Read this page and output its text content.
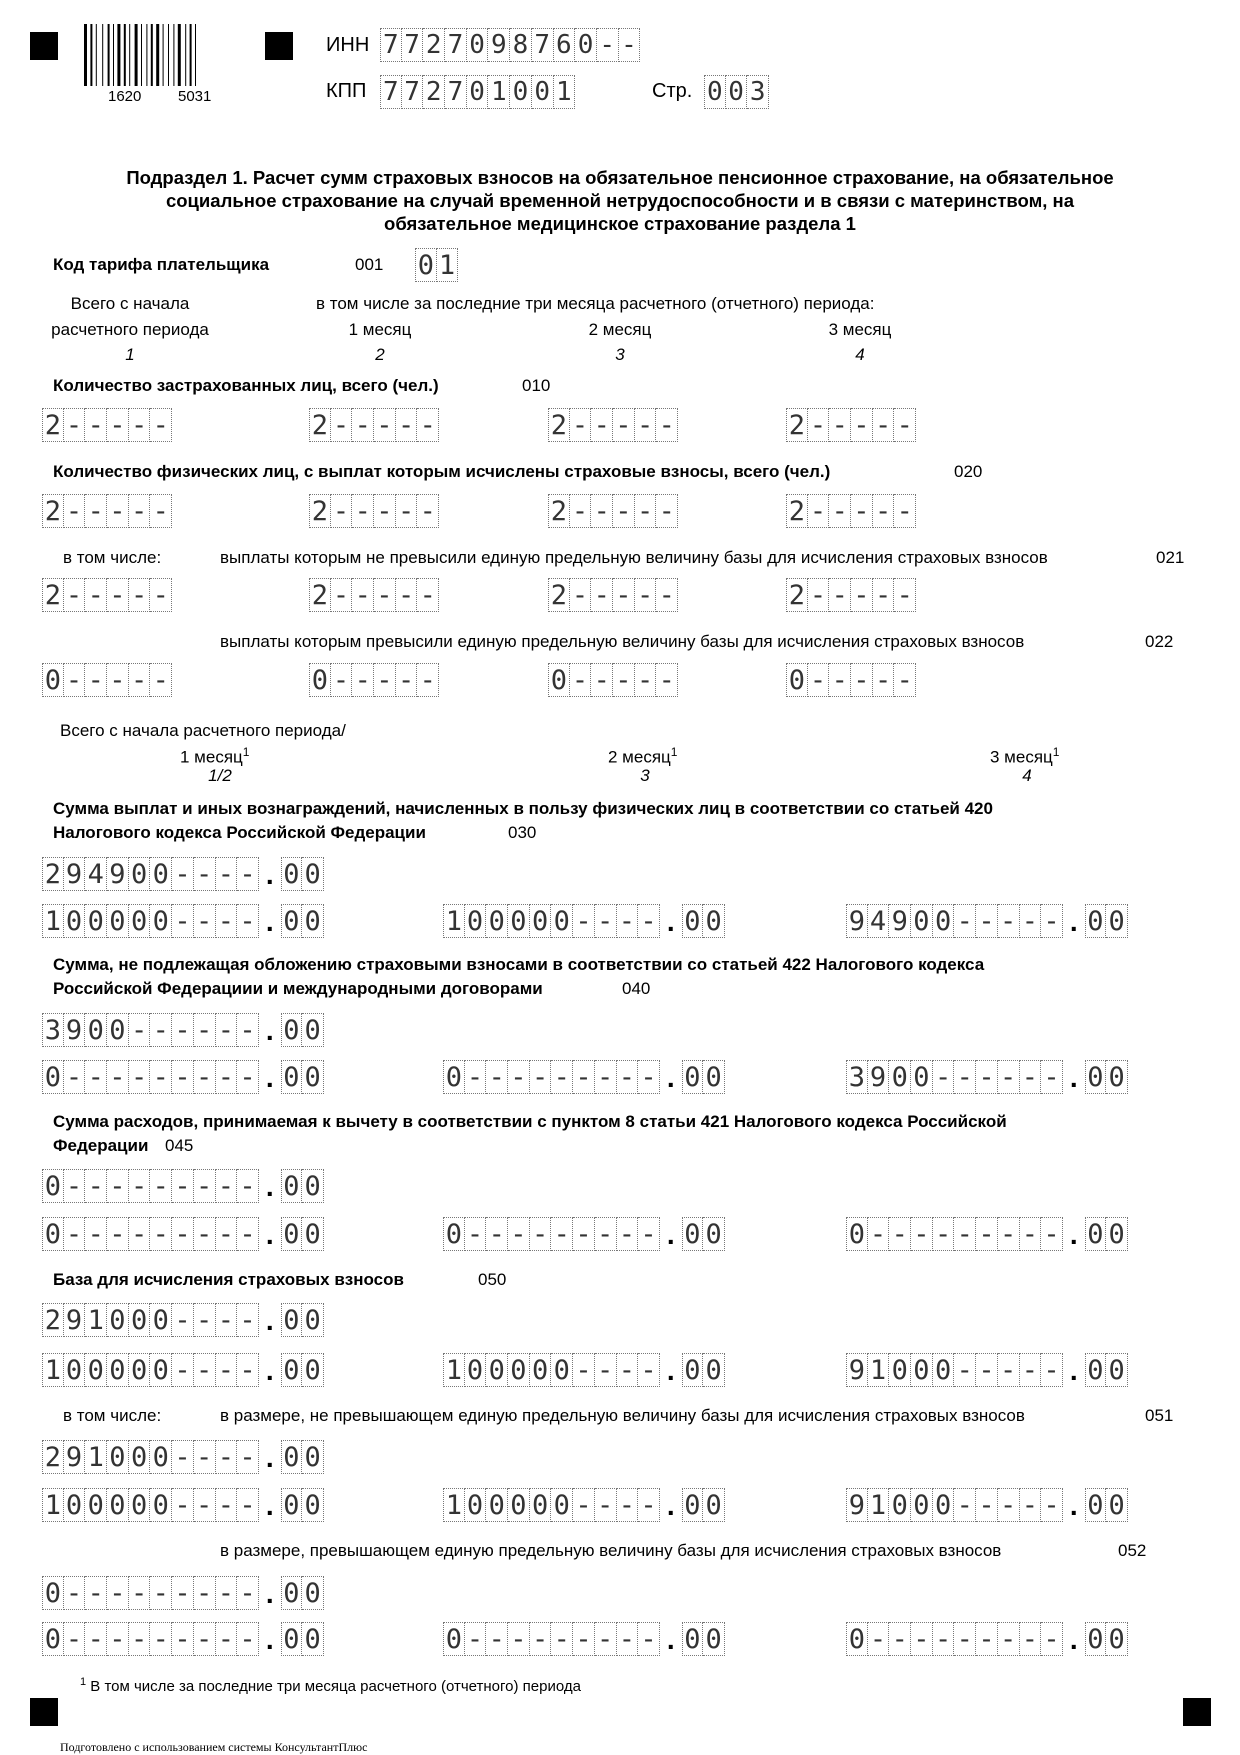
1620 5031
ИНН 7 7 2 7 0 9 8 7 6 0 - -
КПП 7 7 2 7 0 1 0 0 1	Стр. 0 0 3
Подраздел 1. Расчет сумм страховых взносов на обязательное пенсионное страхование, на обязательное социальное страхование на случай временной нетрудоспособности и в связи с материнством, на обязательное медицинское страхование раздела 1
Код тарифа плательщика	001 0 1
Всего с начала
расчетного периода
в том числе за последние три месяца расчетного (отчетного) периода:
1 месяц	2 месяц	3 месяц
1	2	3	4
Количество застрахованных лиц, всего (чел.)	010
2 - - - - -	2 - - - - -	2 - - - - -	2 - - - - -
Количество физических лиц, с выплат которым исчислены страховые взносы, всего (чел.)	020
2 - - - - -	2 - - - - -	2 - - - - -	2 - - - - -
в том числе:	выплаты которым не превысили единую предельную величину базы для исчисления страховых взносов	021
2 - - - - -	2 - - - - -	2 - - - - -	2 - - - - -
выплаты которым превысили единую предельную величину базы для исчисления страховых взносов	022
0 - - - - -	0 - - - - -	0 - - - - -	0 - - - - -
Всего с начала расчетного периода/
1 месяц$^1$	2 месяц$^1$	3 месяц$^1$
1/2	3	4
Сумма выплат и иных вознаграждений, начисленных в пользу физических лиц в соответствии со статьей 420
Налогового кодекса Российской Федерации	030
2 9 4 9 0 0 - - - - . 0 0
1 0 0 0 0 0 - - - - . 0 0	1 0 0 0 0 0 - - - - . 0 0	9 4 9 0 0 - - - - - . 0 0
Сумма, не подлежащая обложению страховыми взносами в соответствии со статьей 422 Налогового кодекса
Российской Федерациии и международными договорами	040
3 9 0 0 - - - - - - . 0 0
0 - - - - - - - - - . 0 0	0 - - - - - - - - - . 0 0	3 9 0 0 - - - - - - . 0 0
Сумма расходов, принимаемая к вычету в соответствии с пунктом 8 статьи 421 Налогового кодекса Российской
Федерации 045
0 - - - - - - - - - . 0 0
0 - - - - - - - - - . 0 0	0 - - - - - - - - - . 0 0	0 - - - - - - - - - . 0 0
База для исчисления страховых взносов	050
2 9 1 0 0 0 - - - - . 0 0
1 0 0 0 0 0 - - - - . 0 0	1 0 0 0 0 0 - - - - . 0 0	9 1 0 0 0 - - - - - . 0 0
в том числе:	в размере, не превышающем единую предельную величину базы для исчисления страховых взносов	051
2 9 1 0 0 0 - - - - . 0 0
1 0 0 0 0 0 - - - - . 0 0	1 0 0 0 0 0 - - - - . 0 0	9 1 0 0 0 - - - - - . 0 0
в размере, превышающем единую предельную величину базы для исчисления страховых взносов	052
0 - - - - - - - - - . 0 0
0 - - - - - - - - - . 0 0	0 - - - - - - - - - . 0 0	0 - - - - - - - - - . 0 0
$^1$ В том числе за последние три месяца расчетного (отчетного) периода
Подготовлено с использованием системы КонсультантПлюс
